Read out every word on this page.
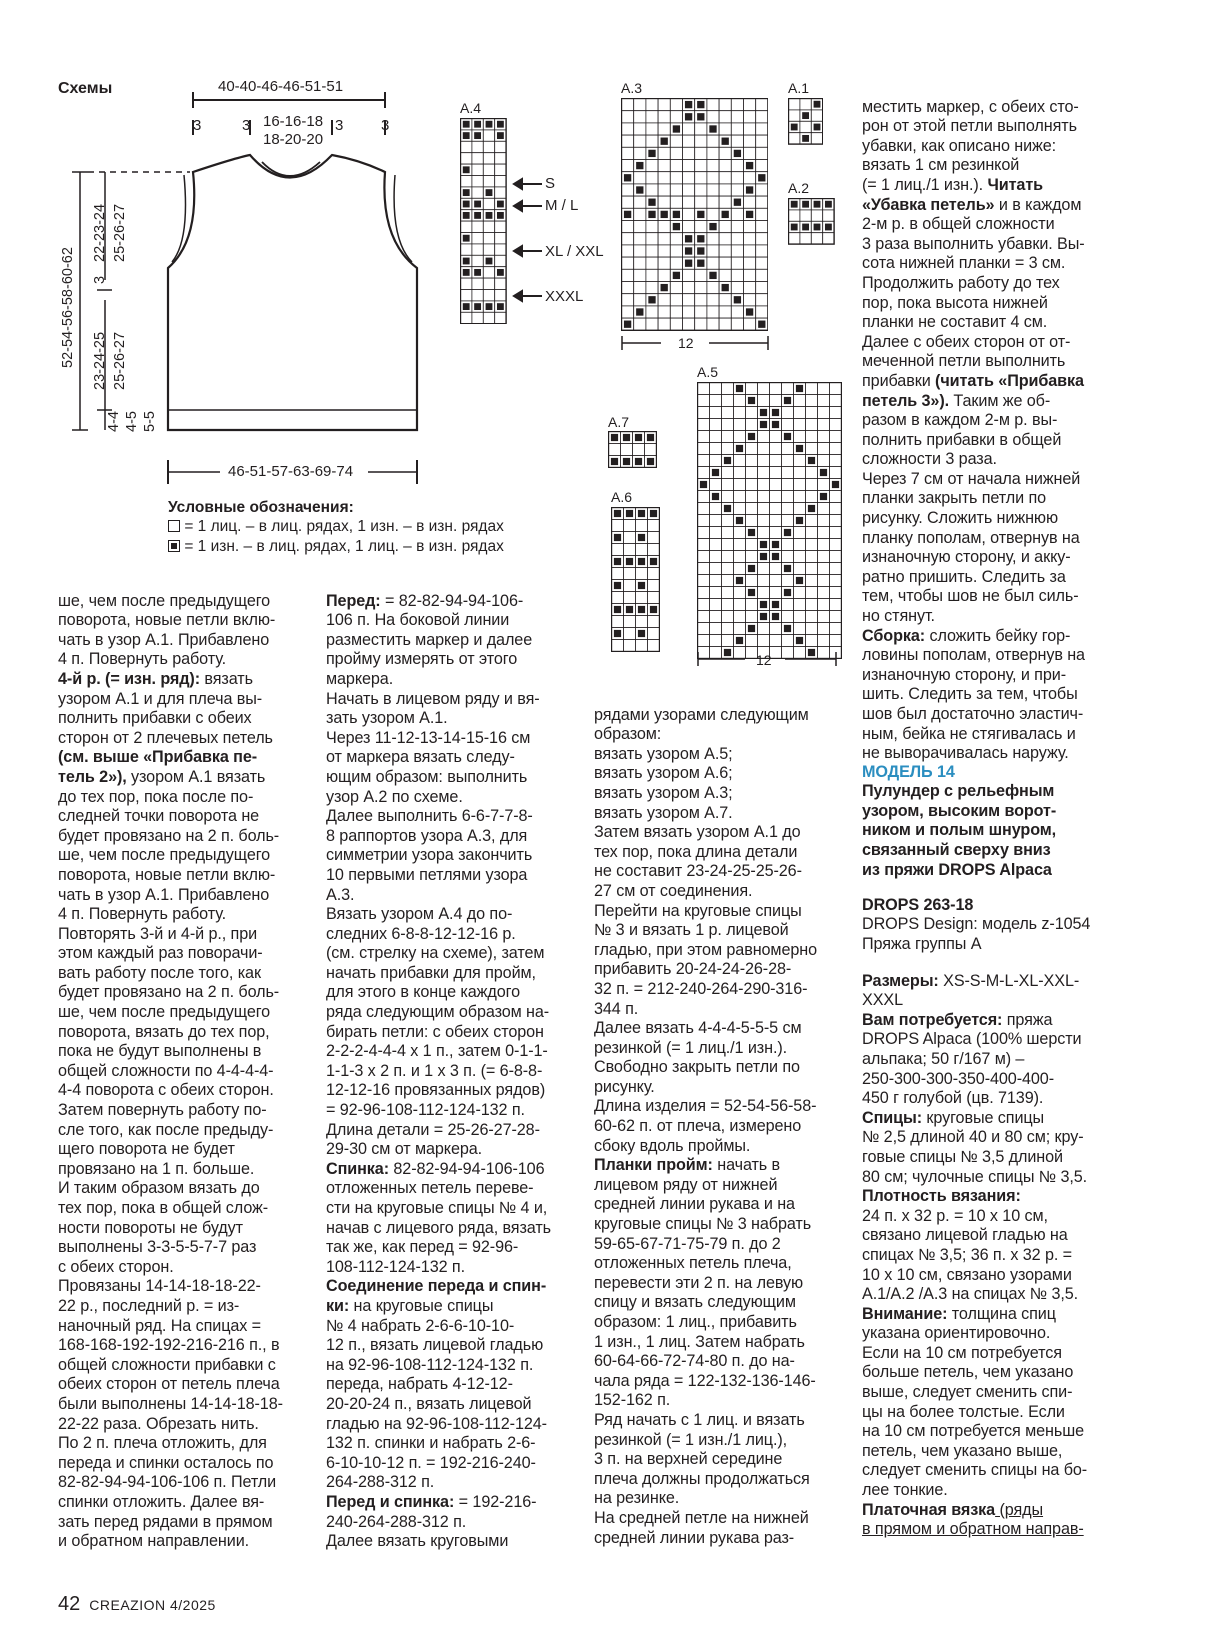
Схемы	40-40-46-46-51-51
3	3	3	3
16-16-18
18-20-20
46-51-57-63-69-74
52-54-56-58-60-62
22-23-24 25-26-27
3
23-24-25 25-26-27
4-4 4-5 5-5
A.4
S
M / L
XL / XXL
XXXL
A.3
12
A.1
A.2
A.5
12
A.7
A.6
Условные обозначения:
= 1 лиц. – в лиц. рядах, 1 изн. – в изн. рядах
= 1 изн. – в лиц. рядах, 1 лиц. – в изн. рядах

ше, чем после предыдущего
поворота, новые петли вклю-
чать в узор А.1. Прибавлено
4 п. Повернуть работу.
4-й р. (= изн. ряд): вязать
узором А.1 и для плеча вы-
полнить прибавки с обеих
сторон от 2 плечевых петель
(см. выше «Прибавка пе-
тель 2»), узором А.1 вязать
до тех пор, пока после по-
следней точки поворота не
будет провязано на 2 п. боль-
ше, чем после предыдущего
поворота, новые петли вклю-
чать в узор А.1. Прибавлено
4 п. Повернуть работу.
Повторять 3-й и 4-й р., при
этом каждый раз поворачи-
вать работу после того, как
будет провязано на 2 п. боль-
ше, чем после предыдущего
поворота, вязать до тех пор,
пока не будут выполнены в
общей сложности по 4-4-4-4-
4-4 поворота с обеих сторон.
Затем повернуть работу по-
сле того, как после предыду-
щего поворота не будет
провязано на 1 п. больше.
И таким образом вязать до
тех пор, пока в общей слож-
ности повороты не будут
выполнены 3-3-5-5-7-7 раз
с обеих сторон.
Провязаны 14-14-18-18-22-
22 р., последний р. = из-
наночный ряд. На спицах =
168-168-192-192-216-216 п., в
общей сложности прибавки с
обеих сторон от петель плеча
были выполнены 14-14-18-18-
22-22 раза. Обрезать нить.
По 2 п. плеча отложить, для
переда и спинки осталось по
82-82-94-94-106-106 п. Петли
спинки отложить. Далее вя-
зать перед рядами в прямом
и обратном направлении.

Перед: = 82-82-94-94-106-
106 п. На боковой линии
разместить маркер и далее
пройму измерять от этого
маркера.
Начать в лицевом ряду и вя-
зать узором А.1.
Через 11-12-13-14-15-16 см
от маркера вязать следу-
ющим образом: выполнить
узор А.2 по схеме.
Далее выполнить 6-6-7-7-8-
8 раппортов узора А.3, для
симметрии узора закончить
10 первыми петлями узора
А.3.
Вязать узором А.4 до по-
следних 6-8-8-12-12-16 р.
(см. стрелку на схеме), затем
начать прибавки для пройм,
для этого в конце каждого
ряда следующим образом на-
бирать петли: с обеих сторон
2-2-2-4-4-4 х 1 п., затем 0-1-1-
1-1-3 х 2 п. и 1 х 3 п. (= 6-8-8-
12-12-16 провязанных рядов)
= 92-96-108-112-124-132 п.
Длина детали = 25-26-27-28-
29-30 см от маркера.
Спинка: 82-82-94-94-106-106
отложенных петель переве-
сти на круговые спицы № 4 и,
начав с лицевого ряда, вязать
так же, как перед = 92-96-
108-112-124-132 п.
Соединение переда и спин-
ки: на круговые спицы
№ 4 набрать 2-6-6-10-10-
12 п., вязать лицевой гладью
на 92-96-108-112-124-132 п.
переда, набрать 4-12-12-
20-20-24 п., вязать лицевой
гладью на 92-96-108-112-124-
132 п. спинки и набрать 2-6-
6-10-10-12 п. = 192-216-240-
264-288-312 п.
Перед и спинка: = 192-216-
240-264-288-312 п.
Далее вязать круговыми

рядами узорами следующим
образом:
вязать узором А.5;
вязать узором А.6;
вязать узором А.3;
вязать узором А.7.
Затем вязать узором А.1 до
тех пор, пока длина детали
не составит 23-24-25-25-26-
27 см от соединения.
Перейти на круговые спицы
№ 3 и вязать 1 р. лицевой
гладью, при этом равномерно
прибавить 20-24-24-26-28-
32 п. = 212-240-264-290-316-
344 п.
Далее вязать 4-4-4-5-5-5 см
резинкой (= 1 лиц./1 изн.).
Свободно закрыть петли по
рисунку.
Длина изделия = 52-54-56-58-
60-62 п. от плеча, измерено
сбоку вдоль проймы.
Планки пройм: начать в
лицевом ряду от нижней
средней линии рукава и на
круговые спицы № 3 набрать
59-65-67-71-75-79 п. до 2
отложенных петель плеча,
перевести эти 2 п. на левую
спицу и вязать следующим
образом: 1 лиц., прибавить
1 изн., 1 лиц. Затем набрать
60-64-66-72-74-80 п. до на-
чала ряда = 122-132-136-146-
152-162 п.
Ряд начать с 1 лиц. и вязать
резинкой (= 1 изн./1 лиц.),
3 п. на верхней середине
плеча должны продолжаться
на резинке.
На средней петле на нижней
средней линии рукава раз-

местить маркер, с обеих сто-
рон от этой петли выполнять
убавки, как описано ниже:
вязать 1 см резинкой
(= 1 лиц./1 изн.). Читать
«Убавка петель» и в каждом
2-м р. в общей сложности
3 раза выполнить убавки. Вы-
сота нижней планки = 3 см.
Продолжить работу до тех
пор, пока высота нижней
планки не составит 4 см.
Далее с обеих сторон от от-
меченной петли выполнить
прибавки (читать «Прибавка
петель 3»). Таким же об-
разом в каждом 2-м р. вы-
полнить прибавки в общей
сложности 3 раза.
Через 7 см от начала нижней
планки закрыть петли по
рисунку. Сложить нижнюю
планку пополам, отвернув на
изнаночную сторону, и акку-
ратно пришить. Следить за
тем, чтобы шов не был силь-
но стянут.
Сборка: сложить бейку гор-
ловины пополам, отвернув на
изнаночную сторону, и при-
шить. Следить за тем, чтобы
шов был достаточно эластич-
ным, бейка не стягивалась и
не выворачивалась наружу.

МОДЕЛЬ 14
Пулундер с рельефным
узором, высоким ворот-
ником и полым шнуром,
связанный сверху вниз
из пряжи DROPS Alpaca

DROPS 263-18
DROPS Design: модель z-1054
Пряжа группы А

Размеры: XS-S-M-L-XL-XXL-
XXXL
Вам потребуется: пряжа
DROPS Alpaca (100% шерсти
альпака; 50 г/167 м) –
250-300-300-350-400-400-
450 г голубой (цв. 7139).
Спицы: круговые спицы
№ 2,5 длиной 40 и 80 см; кру-
говые спицы № 3,5 длиной
80 см; чулочные спицы № 3,5.
Плотность вязания:
24 п. х 32 р. = 10 х 10 см,
связано лицевой гладью на
спицах № 3,5; 36 п. х 32 р. =
10 х 10 см, связано узорами
А.1/А.2 /А.3 на спицах № 3,5.
Внимание: толщина спиц
указана ориентировочно.
Если на 10 см потребуется
больше петель, чем указано
выше, следует сменить спи-
цы на более толстые. Если
на 10 см потребуется меньше
петель, чем указано выше,
следует сменить спицы на бо-
лее тонкие.
Платочная вязка (ряды
в прямом и обратном направ-

42 CREAZION 4/2025
